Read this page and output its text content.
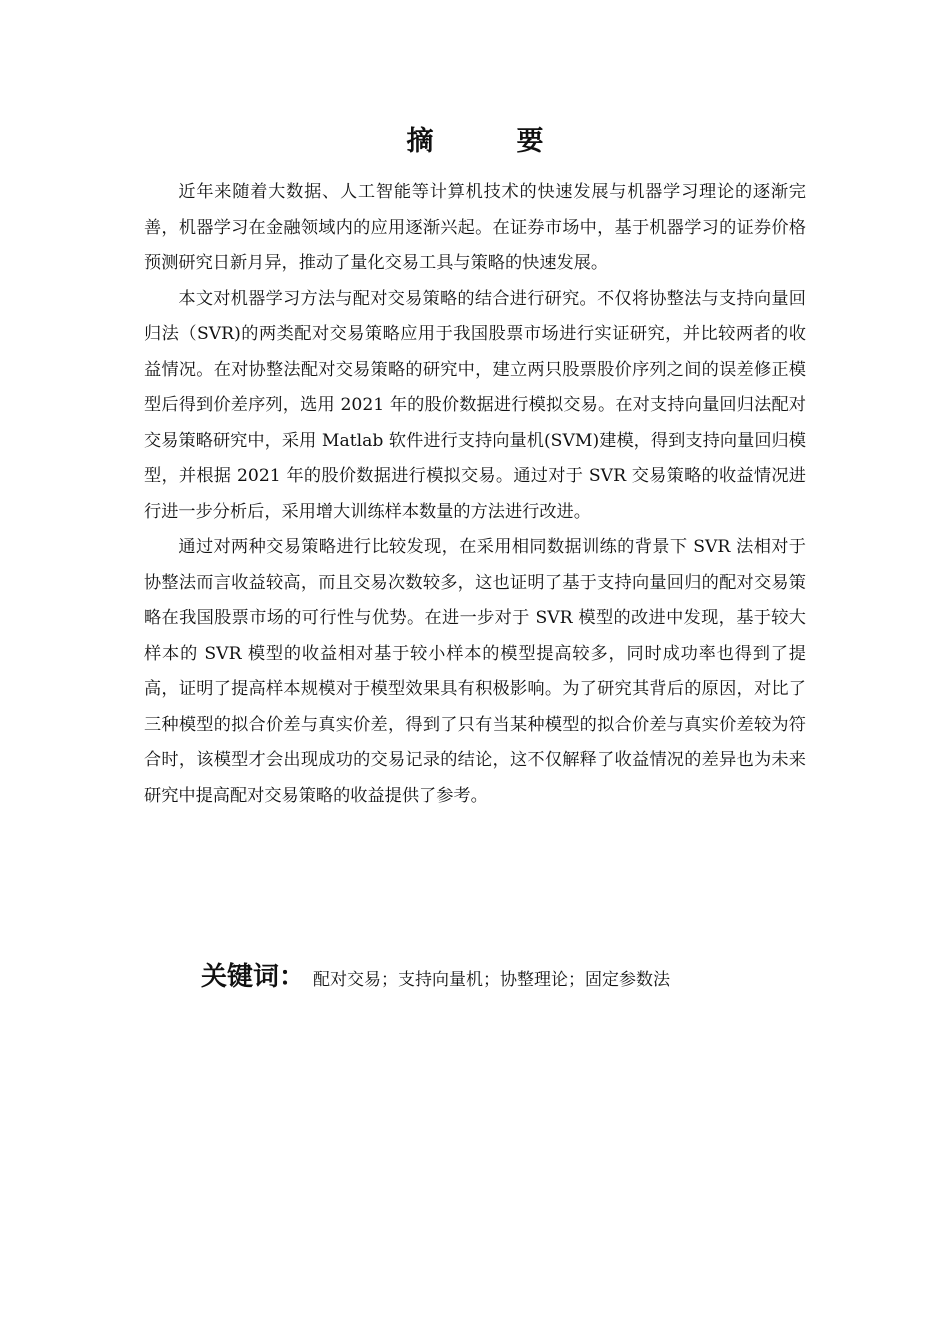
摘　要

近年来随着大数据、人工智能等计算机技术的快速发展与机器学习理论的逐渐完善，机器学习在金融领域内的应用逐渐兴起。在证券市场中，基于机器学习的证券价格预测研究日新月异，推动了量化交易工具与策略的快速发展。

本文对机器学习方法与配对交易策略的结合进行研究。不仅将协整法与支持向量回归法（SVR)的两类配对交易策略应用于我国股票市场进行实证研究，并比较两者的收益情况。在对协整法配对交易策略的研究中，建立两只股票股价序列之间的误差修正模型后得到价差序列，选用 2021 年的股价数据进行模拟交易。在对支持向量回归法配对交易策略研究中，采用 Matlab 软件进行支持向量机(SVM)建模，得到支持向量回归模型，并根据 2021 年的股价数据进行模拟交易。通过对于 SVR 交易策略的收益情况进行进一步分析后，采用增大训练样本数量的方法进行改进。

通过对两种交易策略进行比较发现，在采用相同数据训练的背景下 SVR 法相对于协整法而言收益较高，而且交易次数较多，这也证明了基于支持向量回归的配对交易策略在我国股票市场的可行性与优势。在进一步对于 SVR 模型的改进中发现，基于较大样本的 SVR 模型的收益相对基于较小样本的模型提高较多，同时成功率也得到了提高，证明了提高样本规模对于模型效果具有积极影响。为了研究其背后的原因，对比了三种模型的拟合价差与真实价差，得到了只有当某种模型的拟合价差与真实价差较为符合时，该模型才会出现成功的交易记录的结论，这不仅解释了收益情况的差异也为未来研究中提高配对交易策略的收益提供了参考。

关键词： 配对交易；支持向量机；协整理论；固定参数法
